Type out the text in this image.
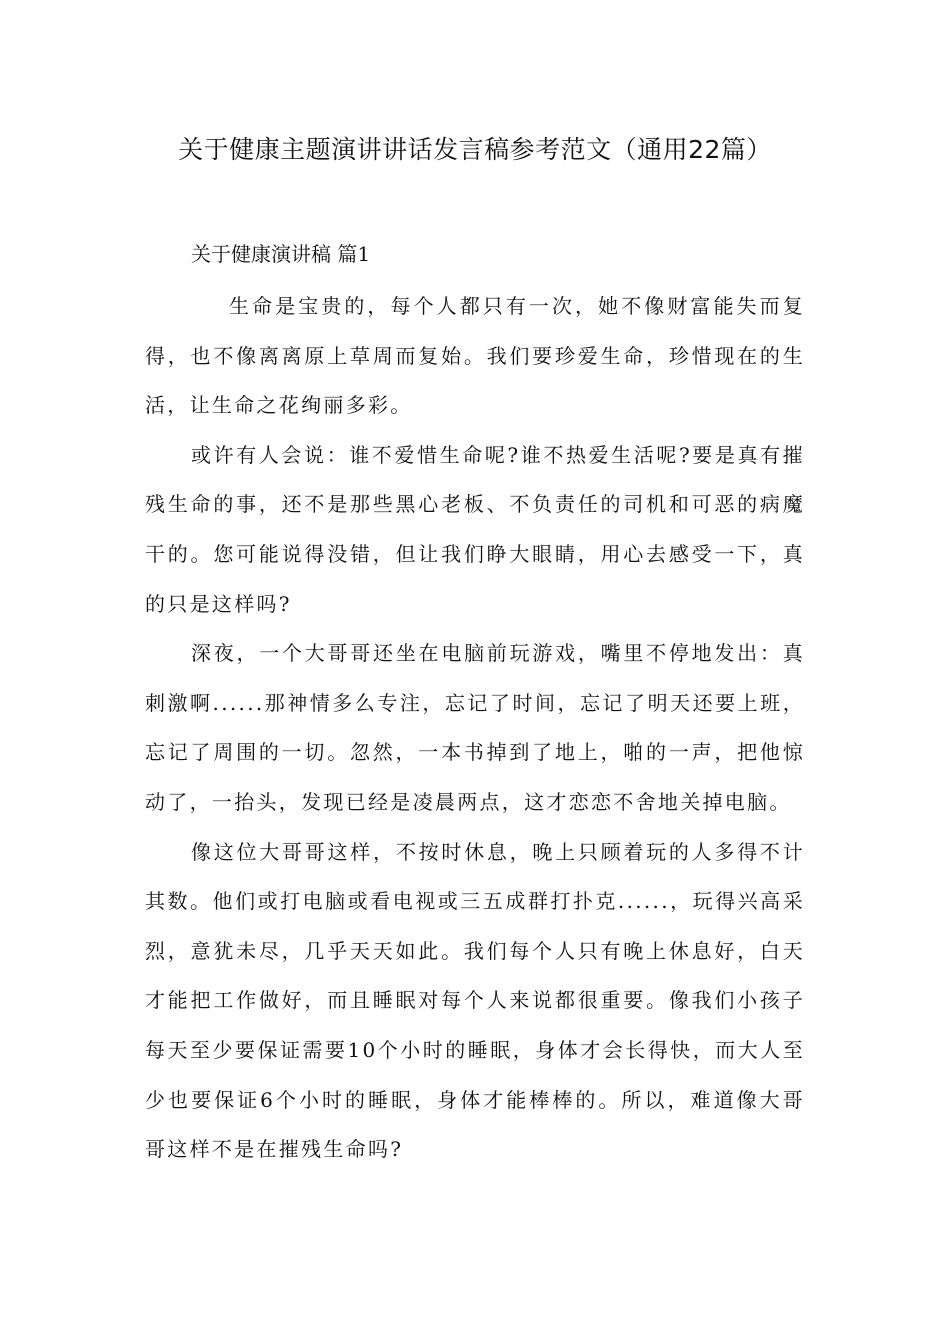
关于健康主题演讲讲话发言稿参考范文（通用22篇）
关于健康演讲稿 篇1

生命是宝贵的，每个人都只有一次，她不像财富能失而复得，也不像离离原上草周而复始。我们要珍爱生命，珍惜现在的生活，让生命之花绚丽多彩。

或许有人会说：谁不爱惜生命呢?谁不热爱生活呢?要是真有摧残生命的事，还不是那些黑心老板、不负责任的司机和可恶的病魔干的。您可能说得没错，但让我们睁大眼睛，用心去感受一下，真的只是这样吗?

深夜，一个大哥哥还坐在电脑前玩游戏，嘴里不停地发出：真刺激啊......那神情多么专注，忘记了时间，忘记了明天还要上班，忘记了周围的一切。忽然，一本书掉到了地上，啪的一声，把他惊动了，一抬头，发现已经是凌晨两点，这才恋恋不舍地关掉电脑。

像这位大哥哥这样，不按时休息，晚上只顾着玩的人多得不计其数。他们或打电脑或看电视或三五成群打扑克......，玩得兴高采烈，意犹未尽，几乎天天如此。我们每个人只有晚上休息好，白天才能把工作做好，而且睡眠对每个人来说都很重要。像我们小孩子每天至少要保证需要10个小时的睡眠，身体才会长得快，而大人至少也要保证6个小时的睡眠，身体才能棒棒的。所以，难道像大哥哥这样不是在摧残生命吗?
